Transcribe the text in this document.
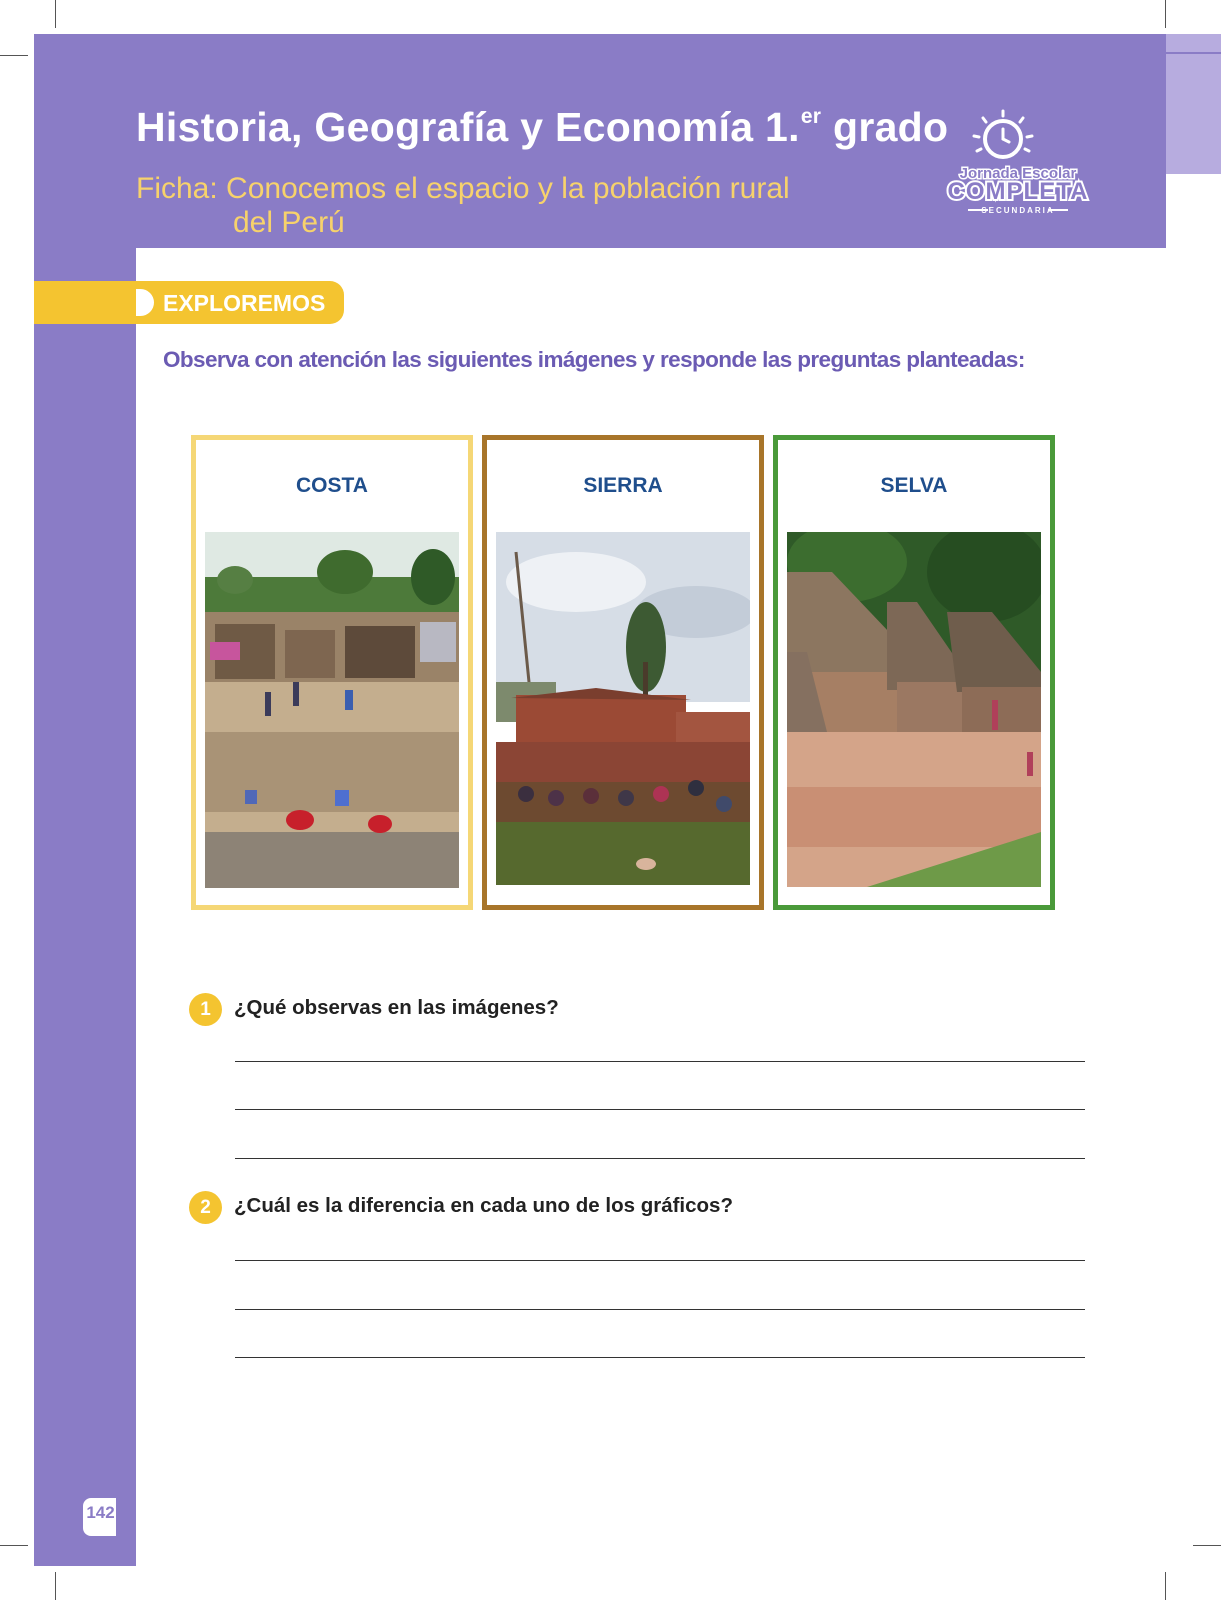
Historia, Geografía y Economía 1.$^{er}$ grado
Ficha: Conocemos el espacio y la población rural
del Perú
Jornada Escolar
COMPLETA
SECUNDARIA
EXPLOREMOS

Observa con atención las siguientes imágenes y responde las preguntas planteadas:

COSTA	SIERRA	SELVA
1	¿Qué observas en las imágenes?
2	¿Cuál es la diferencia en cada uno de los gráficos?
142
